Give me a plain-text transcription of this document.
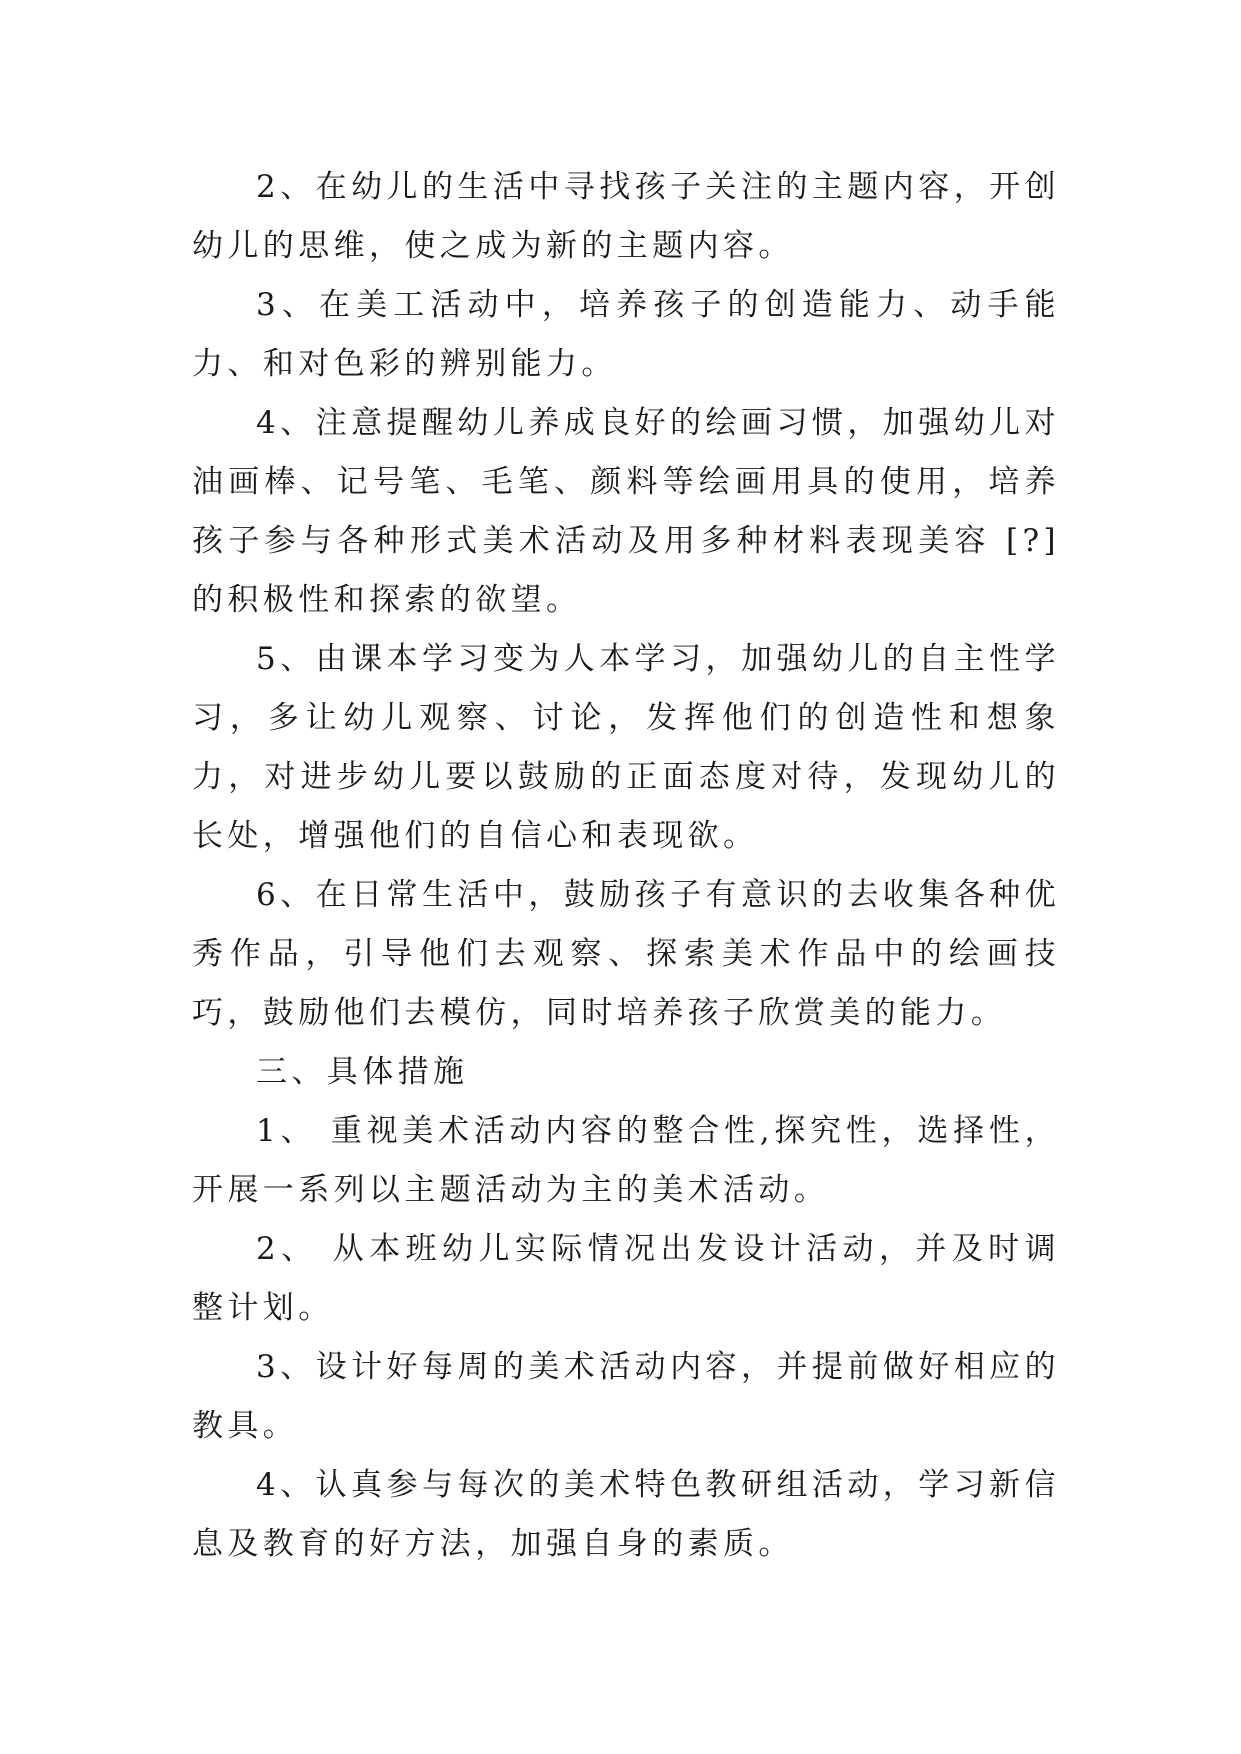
2、在幼儿的生活中寻找孩子关注的主题内容，开创幼儿的思维，使之成为新的主题内容。

3、在美工活动中，培养孩子的创造能力、动手能力、和对色彩的辨别能力。

4、注意提醒幼儿养成良好的绘画习惯，加强幼儿对油画棒、记号笔、毛笔、颜料等绘画用具的使用，培养孩子参与各种形式美术活动及用多种材料表现美容 [?] 的积极性和探索的欲望。

5、由课本学习变为人本学习，加强幼儿的自主性学习，多让幼儿观察、讨论，发挥他们的创造性和想象力，对进步幼儿要以鼓励的正面态度对待，发现幼儿的长处，增强他们的自信心和表现欲。

6、在日常生活中，鼓励孩子有意识的去收集各种优秀作品，引导他们去观察、探索美术作品中的绘画技巧，鼓励他们去模仿，同时培养孩子欣赏美的能力。

三、具体措施

1、 重视美术活动内容的整合性,探究性，选择性，开展一系列以主题活动为主的美术活动。

2、 从本班幼儿实际情况出发设计活动，并及时调整计划。

3、设计好每周的美术活动内容，并提前做好相应的教具。

4、认真参与每次的美术特色教研组活动，学习新信息及教育的好方法，加强自身的素质。
